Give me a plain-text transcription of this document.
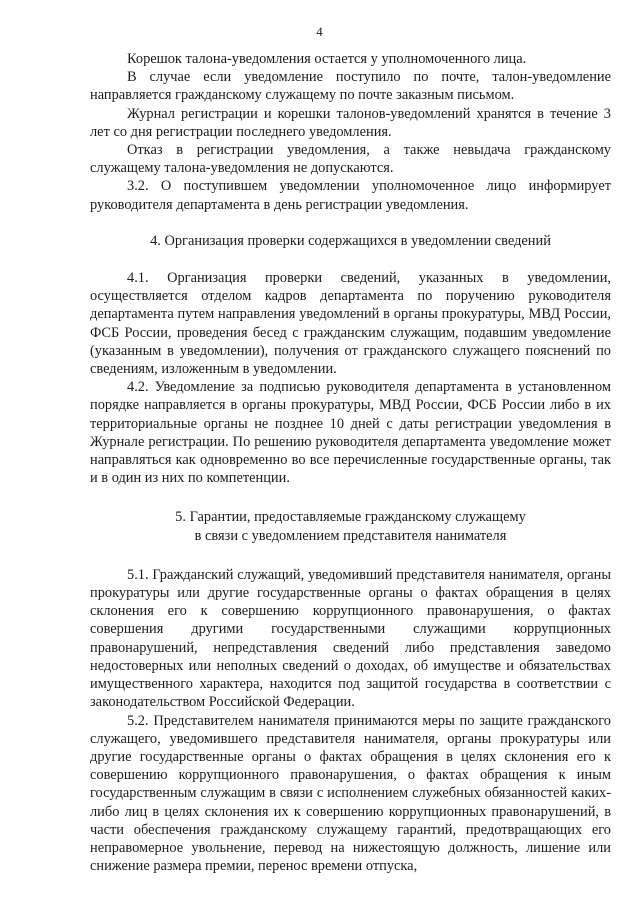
4

Корешок талона-уведомления остается у уполномоченного лица.

В случае если уведомление поступило по почте, талон-уведомление направляется гражданскому служащему по почте заказным письмом.

Журнал регистрации и корешки талонов-уведомлений хранятся в течение 3 лет со дня регистрации последнего уведомления.

Отказ в регистрации уведомления, а также невыдача гражданскому служащему талона-уведомления не допускаются.

3.2. О поступившем уведомлении уполномоченное лицо информирует руководителя департамента в день регистрации уведомления.

4. Организация проверки содержащихся в уведомлении сведений

4.1. Организация проверки сведений, указанных в уведомлении, осуществляется отделом кадров департамента по поручению руководителя департамента путем направления уведомлений в органы прокуратуры, МВД России, ФСБ России, проведения бесед с гражданским служащим, подавшим уведомление (указанным в уведомлении), получения от гражданского служащего пояснений по сведениям, изложенным в уведомлении.

4.2. Уведомление за подписью руководителя департамента в установленном порядке направляется в органы прокуратуры, МВД России, ФСБ России либо в их территориальные органы не позднее 10 дней с даты регистрации уведомления в Журнале регистрации. По решению руководителя департамента уведомление может направляться как одновременно во все перечисленные государственные органы, так и в один из них по компетенции.

5. Гарантии, предоставляемые гражданскому служащему
в связи с уведомлением представителя нанимателя

5.1. Гражданский служащий, уведомивший представителя нанимателя, органы прокуратуры или другие государственные органы о фактах обращения в целях склонения его к совершению коррупционного правонарушения, о фактах совершения другими государственными служащими коррупционных правонарушений, непредставления сведений либо представления заведомо недостоверных или неполных сведений о доходах, об имуществе и обязательствах имущественного характера, находится под защитой государства в соответствии с законодательством Российской Федерации.

5.2. Представителем нанимателя принимаются меры по защите гражданского служащего, уведомившего представителя нанимателя, органы прокуратуры или другие государственные органы о фактах обращения в целях склонения его к совершению коррупционного правонарушения, о фактах обращения к иным государственным служащим в связи с исполнением служебных обязанностей каких-либо лиц в целях склонения их к совершению коррупционных правонарушений, в части обеспечения гражданскому служащему гарантий, предотвращающих его неправомерное увольнение, перевод на нижестоящую должность, лишение или снижение размера премии, перенос времени отпуска,
